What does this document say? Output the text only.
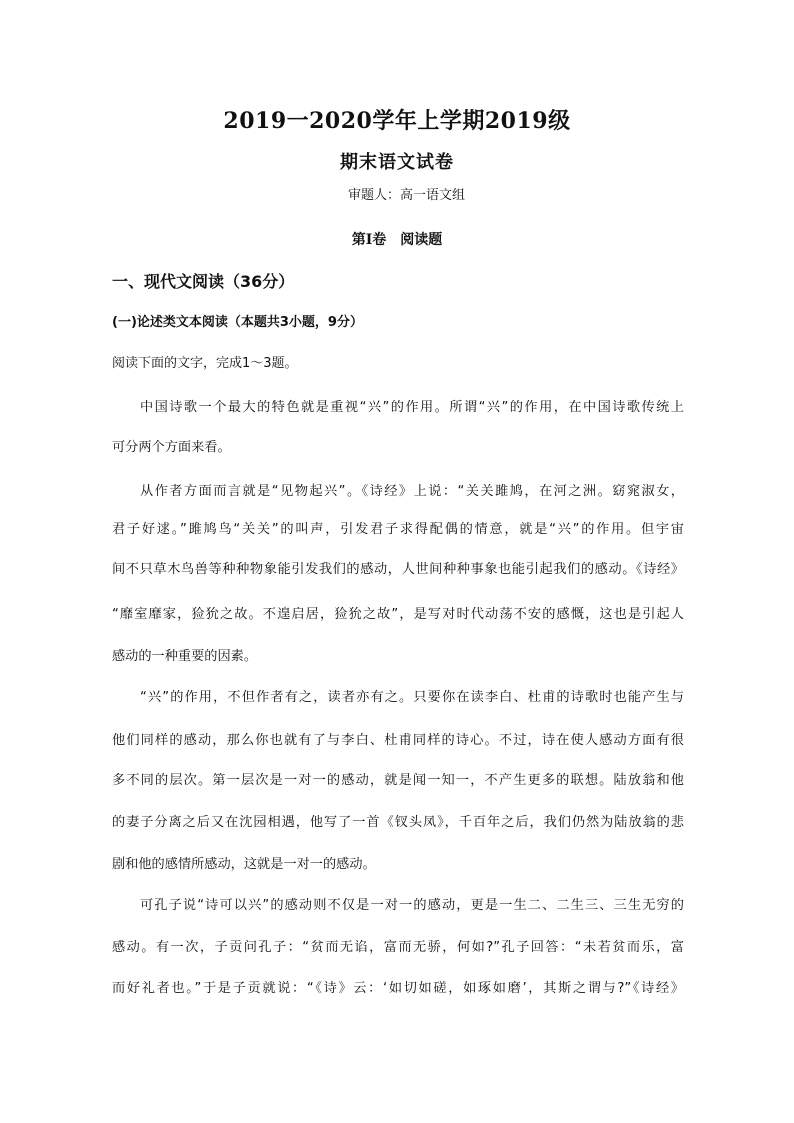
2019一2020学年上学期2019级
期末语文试卷
审题人：高一语文组
第Ⅰ卷　阅读题
一、现代文阅读（36分）
(一)论述类文本阅读（本题共3小题，9分）
阅读下面的文字，完成1～3题。
中国诗歌一个最大的特色就是重视“兴”的作用。所谓“兴”的作用，在中国诗歌传统上
可分两个方面来看。
从作者方面而言就是“见物起兴”。《诗经》上说：“关关雎鸠，在河之洲。窈窕淑女，
君子好逑。”雎鸠鸟“关关”的叫声，引发君子求得配偶的情意，就是“兴”的作用。但宇宙
间不只草木鸟兽等种种物象能引发我们的感动，人世间种种事象也能引起我们的感动。《诗经》
“靡室靡家，猃狁之故。不遑启居，猃狁之故”，是写对时代动荡不安的感慨，这也是引起人
感动的一种重要的因素。
“兴”的作用，不但作者有之，读者亦有之。只要你在读李白、杜甫的诗歌时也能产生与
他们同样的感动，那么你也就有了与李白、杜甫同样的诗心。不过，诗在使人感动方面有很
多不同的层次。第一层次是一对一的感动，就是闻一知一，不产生更多的联想。陆放翁和他
的妻子分离之后又在沈园相遇，他写了一首《钗头凤》，千百年之后，我们仍然为陆放翁的悲
剧和他的感情所感动，这就是一对一的感动。
可孔子说“诗可以兴”的感动则不仅是一对一的感动，更是一生二、二生三、三生无穷的
感动。有一次，子贡问孔子：“贫而无谄，富而无骄，何如?”孔子回答：“未若贫而乐，富
而好礼者也。”于是子贡就说：“《诗》云：‘如切如磋，如琢如磨’，其斯之谓与?”《诗经》
